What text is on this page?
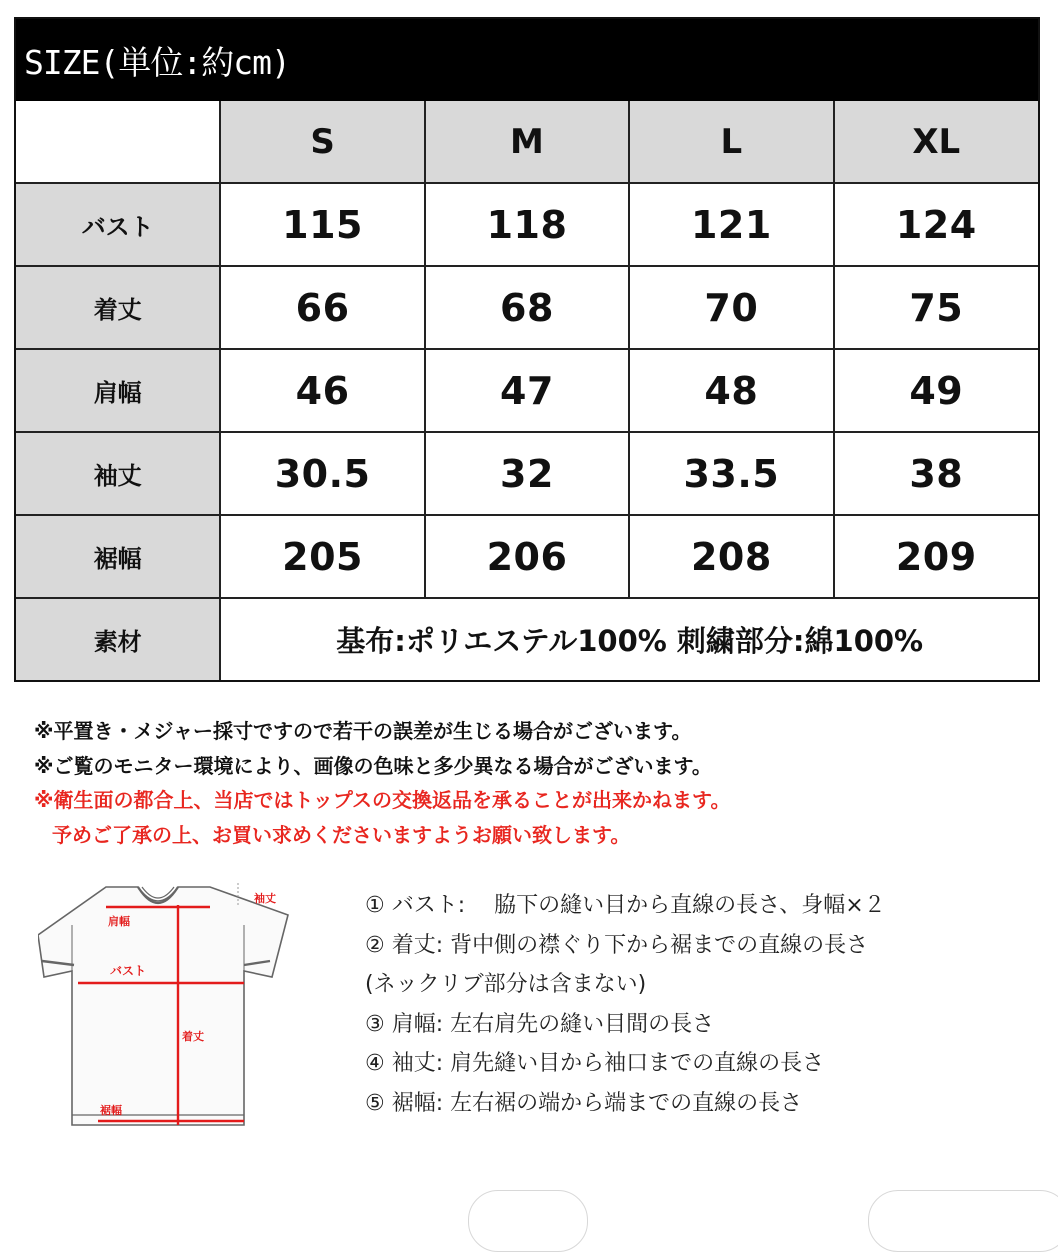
SIZE(単位:約cm)
	S	M	L	XL
バスト	115	118	121	124
着丈	66	68	70	75
肩幅	46	47	48	49
袖丈	30.5	32	33.5	38
裾幅	205	206	208	209
素材	基布:ポリエステル100% 刺繍部分:綿100%			
※平置き・メジャー採寸ですので若干の誤差が生じる場合がございます。
※ご覧のモニター環境により、画像の色味と多少異なる場合がございます。
※衛生面の都合上、当店ではトップスの交換返品を承ることが出来かねます。
予めご了承の上、お買い求めくださいますようお願い致します。
袖丈
肩幅
バスト
着丈
裾幅
① バスト:　 脇下の縫い目から直線の長さ、身幅×２
② 着丈: 背中側の襟ぐり下から裾までの直線の長さ
(ネックリブ部分は含まない)
③ 肩幅: 左右肩先の縫い目間の長さ
④ 袖丈: 肩先縫い目から袖口までの直線の長さ
⑤ 裾幅: 左右裾の端から端までの直線の長さ
